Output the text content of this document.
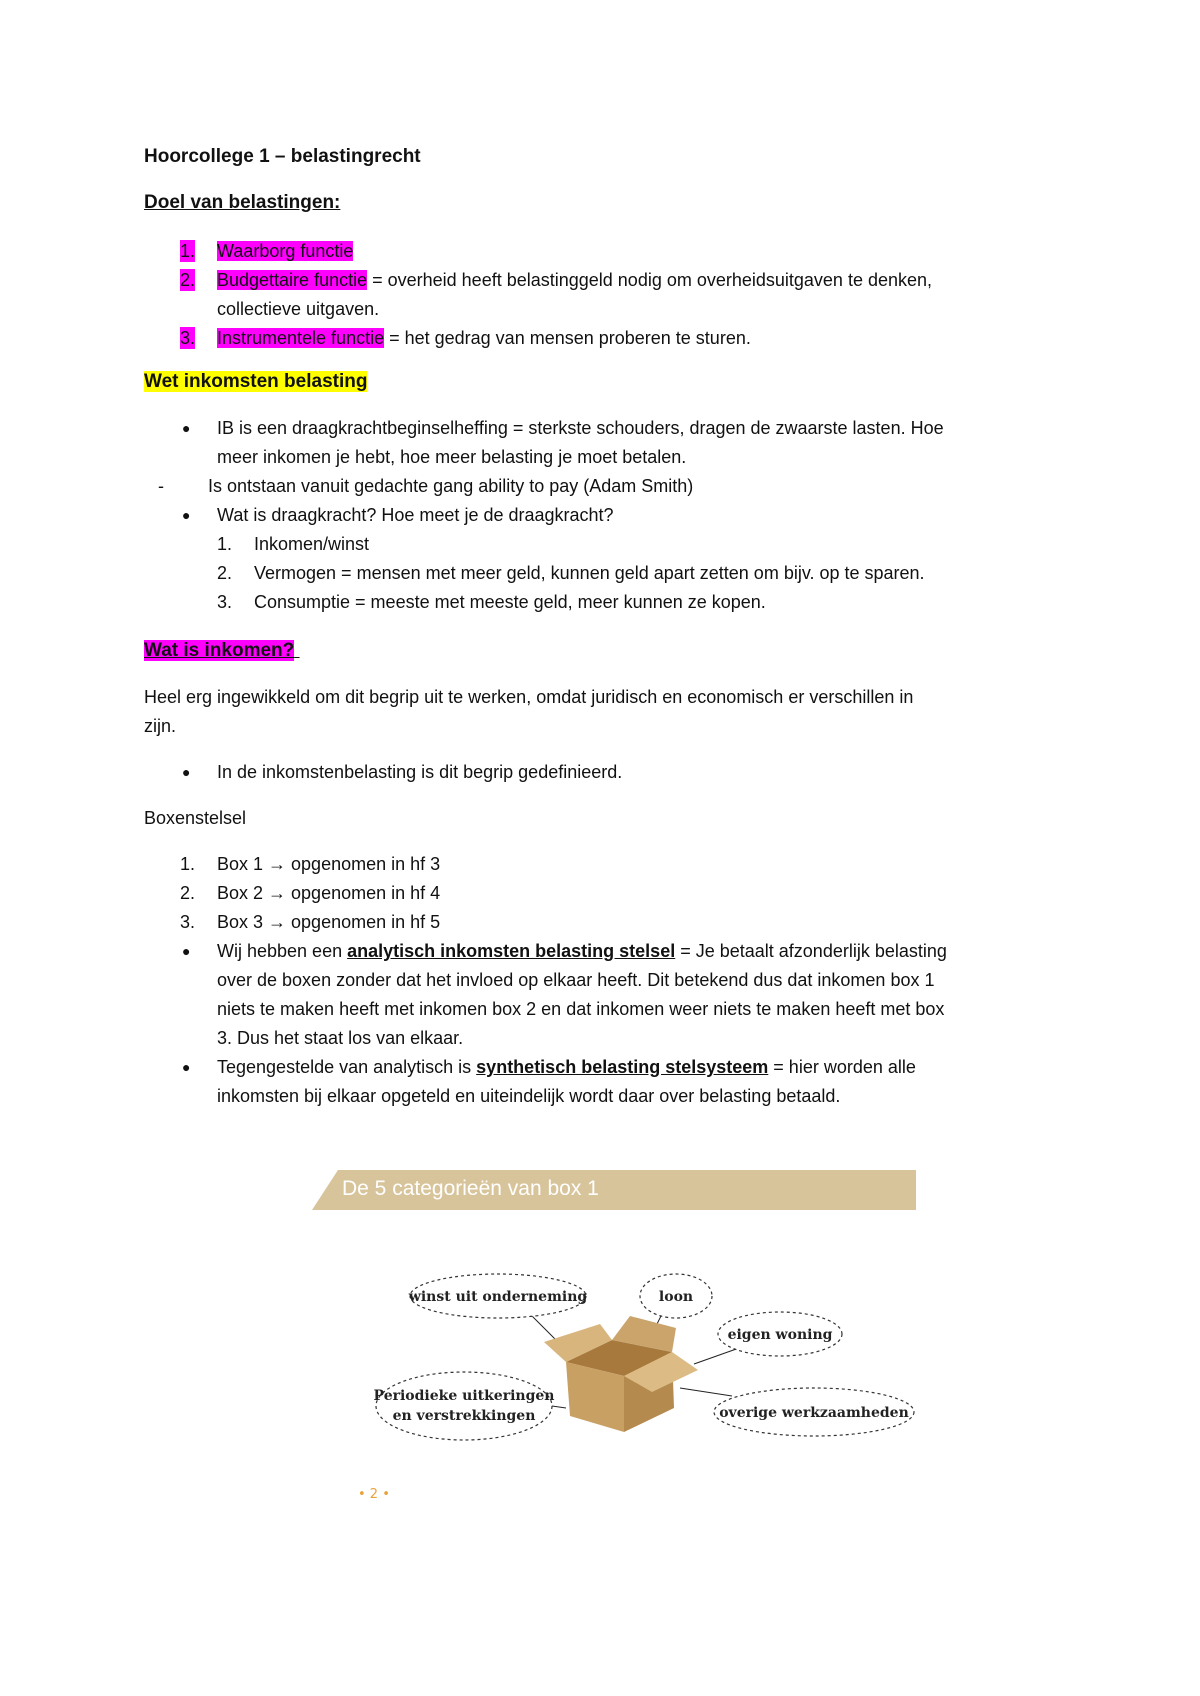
Hoorcollege 1 – belastingrecht
Doel van belastingen:
1. Waarborg functie
2. Budgettaire functie = overheid heeft belastinggeld nodig om overheidsuitgaven te denken,
collectieve uitgaven.
3. Instrumentele functie = het gedrag van mensen proberen te sturen.
Wet inkomsten belasting
● IB is een draagkrachtbeginselheffing = sterkste schouders, dragen de zwaarste lasten. Hoe
meer inkomen je hebt, hoe meer belasting je moet betalen.
- Is ontstaan vanuit gedachte gang ability to pay (Adam Smith)
● Wat is draagkracht? Hoe meet je de draagkracht?
1. Inkomen/winst
2. Vermogen = mensen met meer geld, kunnen geld apart zetten om bijv. op te sparen.
3. Consumptie = meeste met meeste geld, meer kunnen ze kopen.
Wat is inkomen?
Heel erg ingewikkeld om dit begrip uit te werken, omdat juridisch en economisch er verschillen in
zijn.
● In de inkomstenbelasting is dit begrip gedefinieerd.
Boxenstelsel
1. Box 1 → opgenomen in hf 3
2. Box 2 → opgenomen in hf 4
3. Box 3 → opgenomen in hf 5
● Wij hebben een analytisch inkomsten belasting stelsel = Je betaalt afzonderlijk belasting
over de boxen zonder dat het invloed op elkaar heeft. Dit betekend dus dat inkomen box 1
niets te maken heeft met inkomen box 2 en dat inkomen weer niets te maken heeft met box
3. Dus het staat los van elkaar.
● Tegengestelde van analytisch is synthetisch belasting stelsysteem = hier worden alle
inkomsten bij elkaar opgeteld en uiteindelijk wordt daar over belasting betaald.
De 5 categorieën van box 1
winst uit onderneming	loon
eigen woning
Periodieke uitkeringen
en verstrekkingen	overige werkzaamheden
• 2 •
